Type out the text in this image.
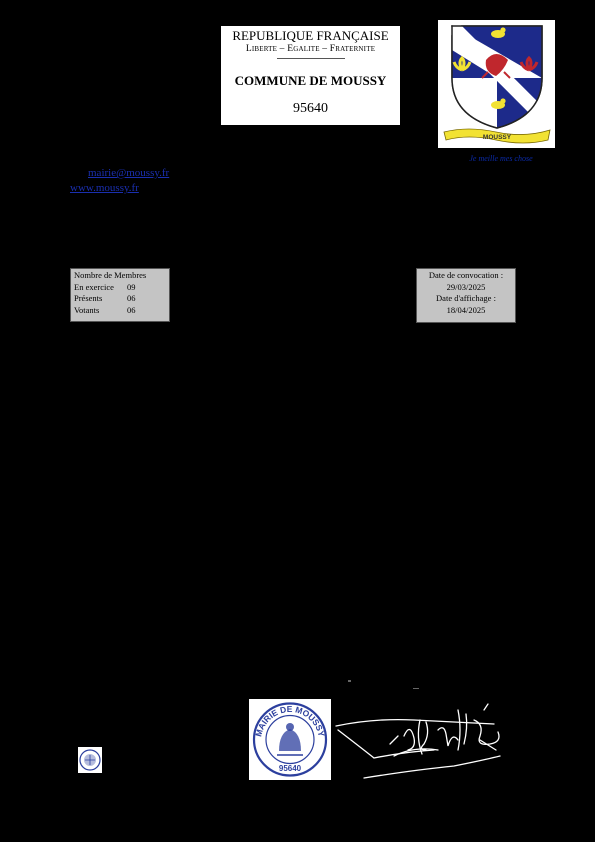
REPUBLIQUE FRANÇAISE
Liberte – Egalite – Fraternite
COMMUNE DE MOUSSY
95640
MOUSSY
Je meille mes chose
mairie@moussy.fr
www.moussy.fr
Nombre de Membres
En exercice	09
Présents	06
Votants	06
Date de convocation :
29/03/2025
Date d'affichage :
18/04/2025
MAIRIE DE MOUSSY
95640
